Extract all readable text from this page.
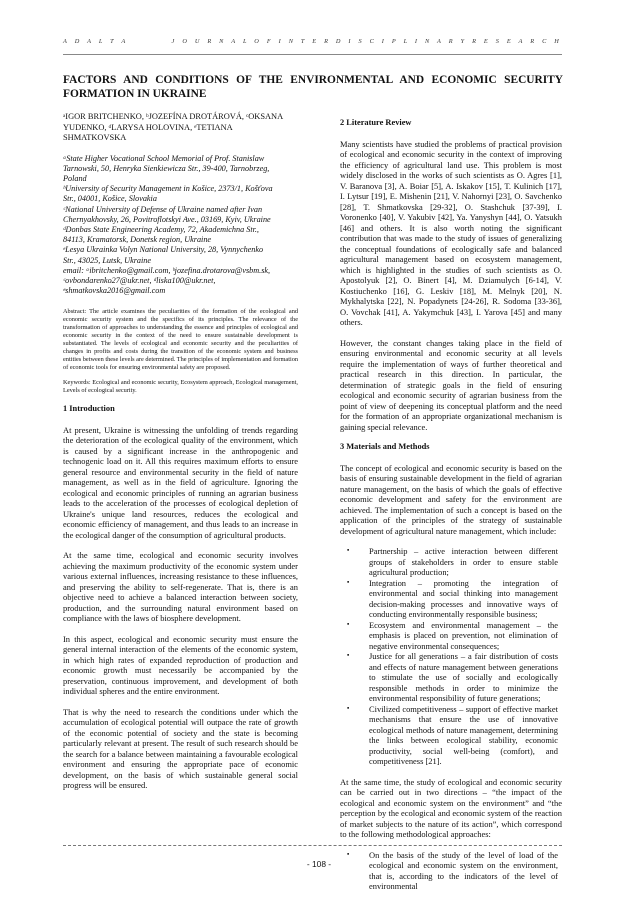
A D A L T A	J O U R N A L O F I N T E R D I S C I P L I N A R Y R E S E A R C H
FACTORS AND CONDITIONS OF THE ENVIRONMENTAL AND ECONOMIC SECURITY FORMATION IN UKRAINE
ᵃIGOR BRITCHENKO, ᵇJOZEFÍNA DROTÁROVÁ, ᶜOKSANA
YUDENKO, ᵈLARYSA HOLOVINA, ᵉTETIANA
SHMATKOVSKA
ᵃState Higher Vocational School Memorial of Prof. Stanislaw
Tarnowski, 50, Henryka Sienkiewicza Str., 39-400, Tarnobrzeg,
Poland
ᵇUniversity of Security Management in Košice, 2373/1, Košťova
Str., 04001, Košice, Slovakia
ᶜNational University of Defense of Ukraine named after Ivan
Chernyakhovsky, 26, Povitroflotskyi Ave., 03169, Kyiv, Ukraine
ᵈDonbas State Engineering Academy, 72, Akademichna Str.,
84113, Kramatorsk, Donetsk region, Ukraine
ᵉLesya Ukrainka Volyn National University, 28, Vynnychenko
Str., 43025, Lutsk, Ukraine
email: ᵃibritchenko@gmail.com, ᵇjozefina.drotarova@vsbm.sk,
ᶜovbondarenko27@ukr.net, ᵈliska100@ukr.net,
ᵉshmatkovska2016@gmail.com
Abstract: The article examines the peculiarities of the formation of the ecological and economic security system and the specifics of its principles. The relevance of the transformation of approaches to understanding the essence and principles of ecological and economic security in the context of the need to ensure sustainable development is substantiated. The levels of ecological and economic security and the peculiarities of changes in profits and costs during the transition of the economic system and business entities between these levels are determined. The principles of implementation and formation of economic tools for ensuring environmental safety are proposed.
Keywords: Ecological and economic security, Ecosystem approach, Ecological management, Levels of ecological security.
1 Introduction

At present, Ukraine is witnessing the unfolding of trends regarding the deterioration of the ecological quality of the environment, which is caused by a significant increase in the anthropogenic and technogenic load on it. All this requires maximum efforts to ensure general resource and environmental security in the field of nature management, as well as in the field of agriculture. Ignoring the ecological and economic principles of running an agrarian business leads to the acceleration of the processes of ecological depletion of Ukraine's unique land resources, reduces the ecological and economic efficiency of management, and thus leads to an increase in the ecological danger of the consumption of agricultural products.

At the same time, ecological and economic security involves achieving the maximum productivity of the economic system under various external influences, increasing resistance to these influences, and preserving the ability to self-regenerate. That is, there is an objective need to achieve a balanced interaction between society, production, and the surrounding natural environment based on compliance with the laws of biosphere development.

In this aspect, ecological and economic security must ensure the general internal interaction of the elements of the economic system, in which high rates of expanded reproduction of production and economic growth must necessarily be accompanied by the preservation, continuous improvement, and development of both individual spheres and the entire environment.

That is why the need to research the conditions under which the accumulation of ecological potential will outpace the rate of growth of the economic potential of society and the state is becoming particularly relevant at present. The result of such research should be the search for a balance between maintaining a favourable ecological environment and ensuring the appropriate pace of economic development, on the basis of which sustainable general social progress will be ensured.

2 Literature Review

Many scientists have studied the problems of practical provision of ecological and economic security in the context of improving the efficiency of agricultural land use. This problem is most widely disclosed in the works of such scientists as O. Agres [1], V. Baranova [3], A. Boiar [5], A. Iskakov [15], T. Kulinich [17], I. Lytsur [19], E. Mishenin [21], V. Nahornyi [23], O. Savchenko [28], T. Shmatkovska [29-32], O. Stashchuk [37-39], I. Voronenko [40], V. Yakubiv [42], Ya. Yanyshyn [44], O. Yatsukh [46] and others. It is also worth noting the significant contribution that was made to the study of issues of generalizing the conceptual foundations of ecologically safe and balanced agricultural management based on ecosystem management, which is highlighted in the studies of such scientists as O. Apostolyuk [2], O. Binert [4], M. Dziamulych [6-14], V. Kostiuchenko [16], G. Leskiv [18], M. Melnyk [20], N. Mykhalytska [22], N. Popadynets [24-26], R. Sodoma [33-36], O. Vovchak [41], A. Yakymchuk [43], I. Yarova [45] and many others.

However, the constant changes taking place in the field of ensuring environmental and economic security at all levels require the implementation of ways of further theoretical and practical research in this direction. In particular, the determination of strategic goals in the field of ensuring ecological and economic security of agrarian business from the point of view of deepening its conceptual platform and the need for the formation of an appropriate organizational mechanism is gaining special relevance.

3 Materials and Methods

The concept of ecological and economic security is based on the basis of ensuring sustainable development in the field of agrarian nature management, on the basis of which the goals of effective economic development and safety for the environment are achieved. The implementation of such a concept is based on the application of the principles of the strategy of sustainable development of agricultural nature management, which include:

▪ Partnership – active interaction between different groups of stakeholders in order to ensure stable agricultural production;
▪ Integration – promoting the integration of environmental and social thinking into management decision-making processes and innovative ways of conducting environmentally responsible business;
▪ Ecosystem and environmental management – the emphasis is placed on prevention, not elimination of negative environmental consequences;
▪ Justice for all generations – a fair distribution of costs and effects of nature management between generations to stimulate the use of socially and ecologically responsible methods in order to minimize the environmental responsibility of future generations;
▪ Civilized competitiveness – support of effective market mechanisms that ensure the use of innovative ecological methods of nature management, determining the links between ecological stability, economic productivity, social well-being (comfort), and competitiveness [21].

At the same time, the study of ecological and economic security can be carried out in two directions – “the impact of the ecological and economic system on the environment” and “the perception by the ecological and economic system of the reaction of market subjects to the nature of its action”, which correspond to the following methodological approaches:

▪ On the basis of the study of the level of load of the ecological and economic system on the environment, that is, according to the indicators of the level of environmental
- 108 -
